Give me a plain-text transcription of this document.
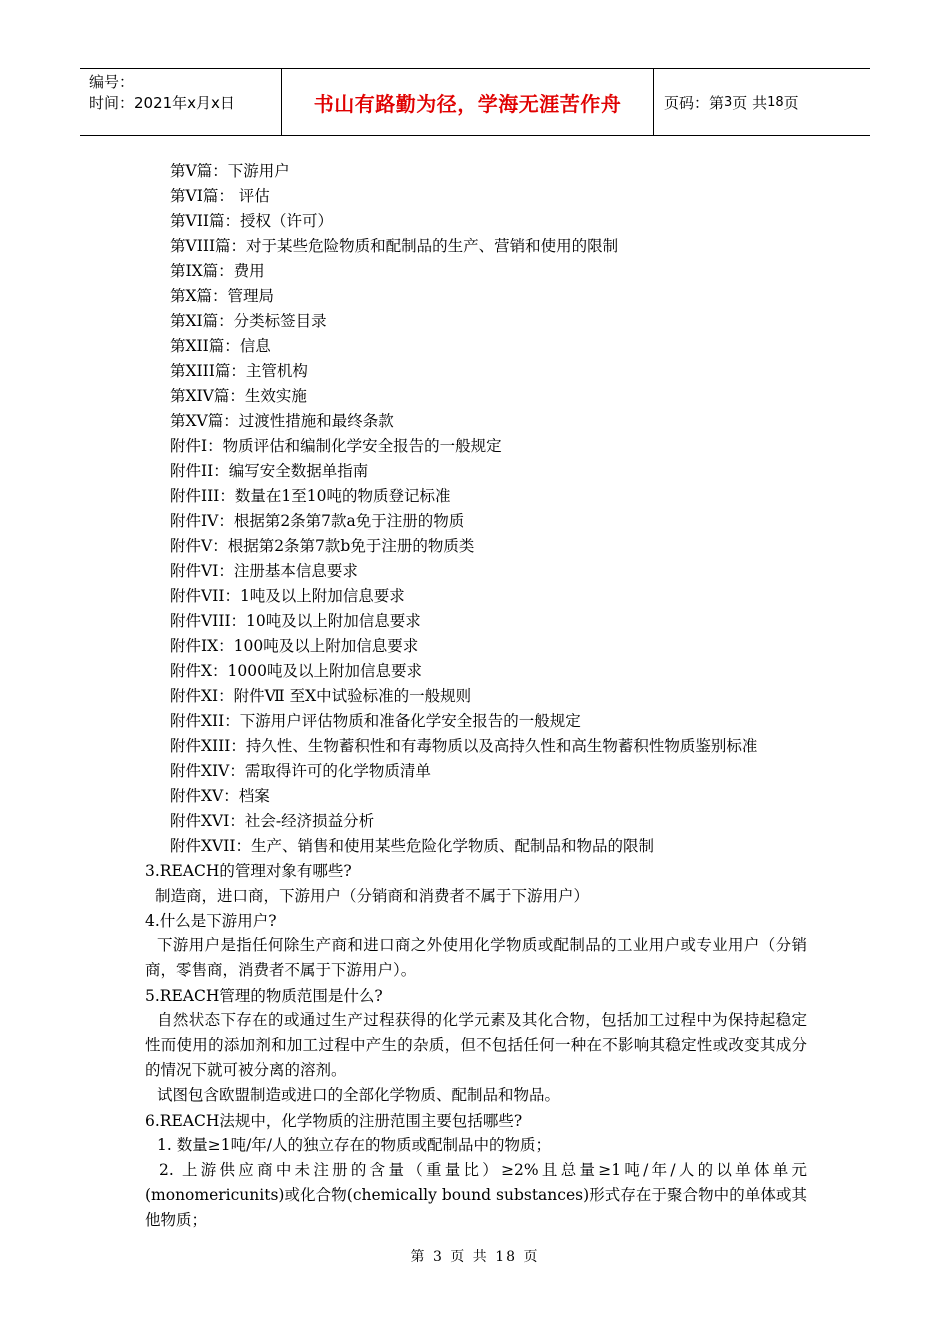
编号：
时间：2021年x月x日	书山有路勤为径，学海无涯苦作舟	页码：第 3 页 共 18 页
第V篇：下游用户
第VI篇： 评估
第VII篇：授权（许可）
第VIII篇：对于某些危险物质和配制品的生产、营销和使用的限制
第IX篇：费用
第X篇：管理局
第XI篇：分类标签目录
第XII篇：信息
第XIII篇：主管机构
第XIV篇：生效实施
第XV篇：过渡性措施和最终条款
附件I：物质评估和编制化学安全报告的一般规定
附件II：编写安全数据单指南
附件III：数量在1至10吨的物质登记标准
附件IV：根据第2条第7款a免于注册的物质
附件V：根据第2条第7款b免于注册的物质类
附件VI：注册基本信息要求
附件VII：1吨及以上附加信息要求
附件VIII：10吨及以上附加信息要求
附件IX：100吨及以上附加信息要求
附件X：1000吨及以上附加信息要求
附件XI：附件Ⅶ 至Ⅹ中试验标准的一般规则
附件XII：下游用户评估物质和准备化学安全报告的一般规定
附件XIII：持久性、生物蓄积性和有毒物质以及高持久性和高生物蓄积性物质鉴别标准
附件XIV：需取得许可的化学物质清单
附件XV：档案
附件XVI：社会-经济损益分析
附件XVII：生产、销售和使用某些危险化学物质、配制品和物品的限制
3.REACH的管理对象有哪些?
制造商，进口商，下游用户（分销商和消费者不属于下游用户）
4.什么是下游用户?
下游用户是指任何除生产商和进口商之外使用化学物质或配制品的工业用户或专业用户（分销商，零售商，消费者不属于下游用户）。
5.REACH管理的物质范围是什么?
自然状态下存在的或通过生产过程获得的化学元素及其化合物，包括加工过程中为保持起稳定性而使用的添加剂和加工过程中产生的杂质，但不包括任何一种在不影响其稳定性或改变其成分的情况下就可被分离的溶剂。
试图包含欧盟制造或进口的全部化学物质、配制品和物品。
6.REACH法规中，化学物质的注册范围主要包括哪些?
1. 数量≥1吨/年/人的独立存在的物质或配制品中的物质；
2. 上游供应商中未注册的含量（重量比）≥2%且总量≥1吨/年/人的以单体单元(monomericunits)或化合物(chemically bound substances)形式存在于聚合物中的单体或其他物质；
第 3 页 共 18 页
